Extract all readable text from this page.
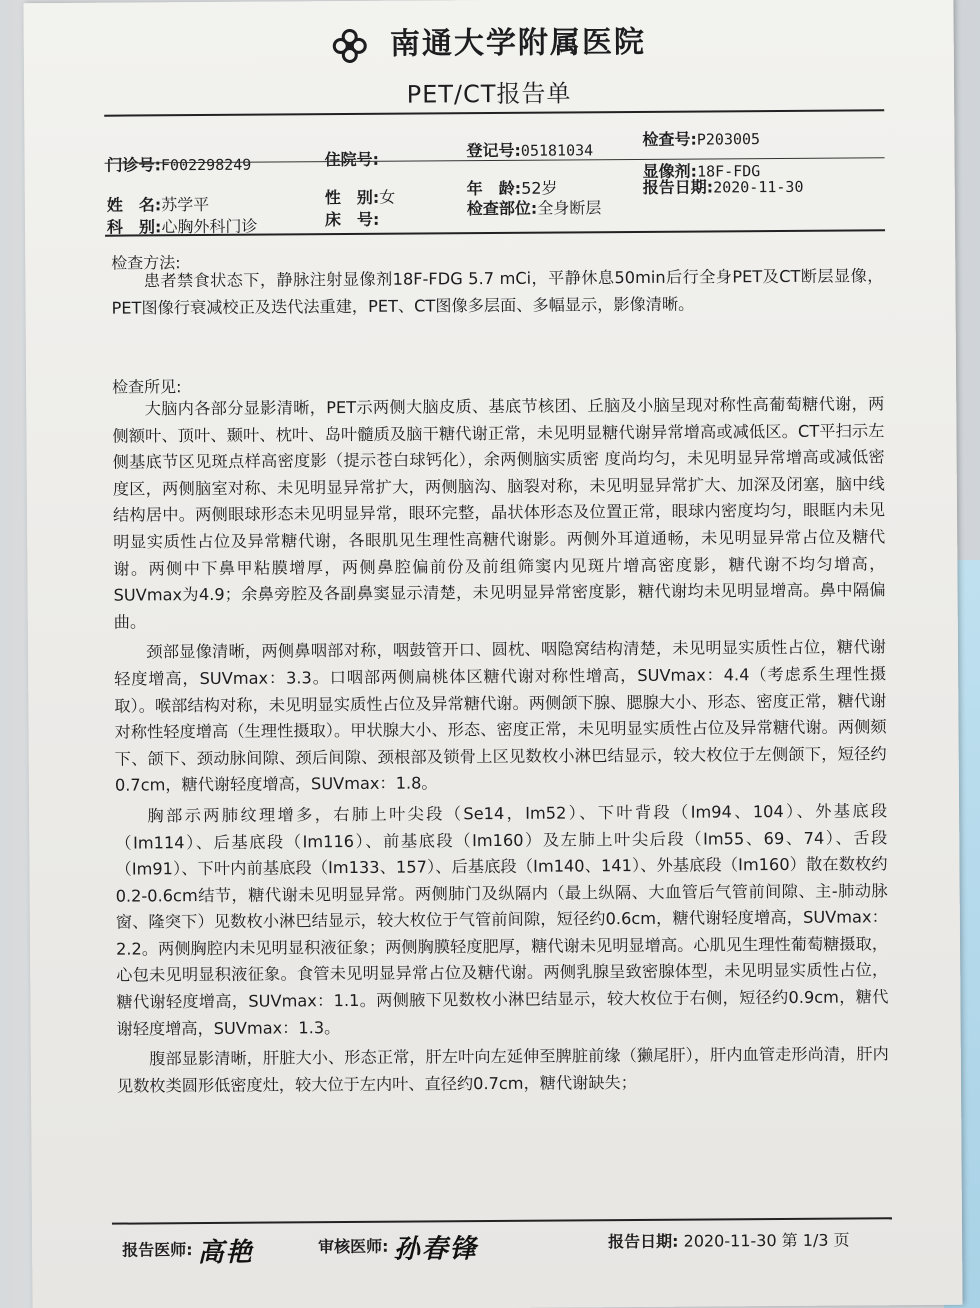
南通大学附属医院
PET/CT报告单
门诊号:F002298249	住院号:	登记号:05181034
检查号:P203005
显像剂:18F-FDG
姓　名:苏学平	性　别:女	年　龄:52岁	报告日期:2020-11-30
科　别:心胸外科门诊	床　号:
检查部位:全身断层
检查方法:

患者禁食状态下，静脉注射显像剂18F-FDG 5.7 mCi，平静休息50min后行全身PET及CT断层显像，PET图像行衰减校正及迭代法重建，PET、CT图像多层面、多幅显示，影像清晰。

检查所见:

大脑内各部分显影清晰，PET示两侧大脑皮质、基底节核团、丘脑及小脑呈现对称性高葡萄糖代谢，两侧额叶、顶叶、颞叶、枕叶、岛叶髓质及脑干糖代谢正常，未见明显糖代谢异常增高或减低区。CT平扫示左侧基底节区见斑点样高密度影（提示苍白球钙化），余两侧脑实质密 度尚均匀，未见明显异常增高或减低密度区，两侧脑室对称、未见明显异常扩大，两侧脑沟、脑裂对称，未见明显异常扩大、加深及闭塞，脑中线结构居中。两侧眼球形态未见明显异常，眼环完整，晶状体形态及位置正常，眼球内密度均匀，眼眶内未见明显实质性占位及异常糖代谢，各眼肌见生理性高糖代谢影。两侧外耳道通畅，未见明显异常占位及糖代谢。两侧中下鼻甲粘膜增厚，两侧鼻腔偏前份及前组筛窦内见斑片增高密度影，糖代谢不均匀增高，SUVmax为4.9；余鼻旁腔及各副鼻窦显示清楚，未见明显异常密度影，糖代谢均未见明显增高。鼻中隔偏曲。

颈部显像清晰，两侧鼻咽部对称，咽鼓管开口、圆枕、咽隐窝结构清楚，未见明显实质性占位，糖代谢轻度增高，SUVmax：3.3。口咽部两侧扁桃体区糖代谢对称性增高，SUVmax：4.4（考虑系生理性摄取）。喉部结构对称，未见明显实质性占位及异常糖代谢。两侧颌下腺、腮腺大小、形态、密度正常，糖代谢对称性轻度增高（生理性摄取）。甲状腺大小、形态、密度正常，未见明显实质性占位及异常糖代谢。两侧颏下、颌下、颈动脉间隙、颈后间隙、颈根部及锁骨上区见数枚小淋巴结显示，较大枚位于左侧颌下，短径约0.7cm，糖代谢轻度增高，SUVmax：1.8。

胸部示两肺纹理增多，右肺上叶尖段（Se14，Im52）、下叶背段（Im94、104）、外基底段（Im114）、后基底段（Im116）、前基底段（Im160）及左肺上叶尖后段（Im55、69、74）、舌段（Im91）、下叶内前基底段（Im133、157）、后基底段（Im140、141）、外基底段（Im160）散在数枚约0.2-0.6cm结节，糖代谢未见明显异常。两侧肺门及纵隔内（最上纵隔、大血管后气管前间隙、主-肺动脉窗、隆突下）见数枚小淋巴结显示，较大枚位于气管前间隙，短径约0.6cm，糖代谢轻度增高，SUVmax：2.2。两侧胸腔内未见明显积液征象；两侧胸膜轻度肥厚，糖代谢未见明显增高。心肌见生理性葡萄糖摄取，心包未见明显积液征象。食管未见明显异常占位及糖代谢。两侧乳腺呈致密腺体型，未见明显实质性占位，糖代谢轻度增高，SUVmax：1.1。两侧腋下见数枚小淋巴结显示，较大枚位于右侧，短径约0.9cm，糖代谢轻度增高，SUVmax：1.3。

腹部显影清晰，肝脏大小、形态正常，肝左叶向左延伸至脾脏前缘（獭尾肝），肝内血管走形尚清，肝内见数枚类圆形低密度灶，较大位于左内叶、直径约0.7cm，糖代谢缺失；

报告医师: 高艳	审核医师: 孙春锋	报告日期: 2020-11-30 第 1/3 页
